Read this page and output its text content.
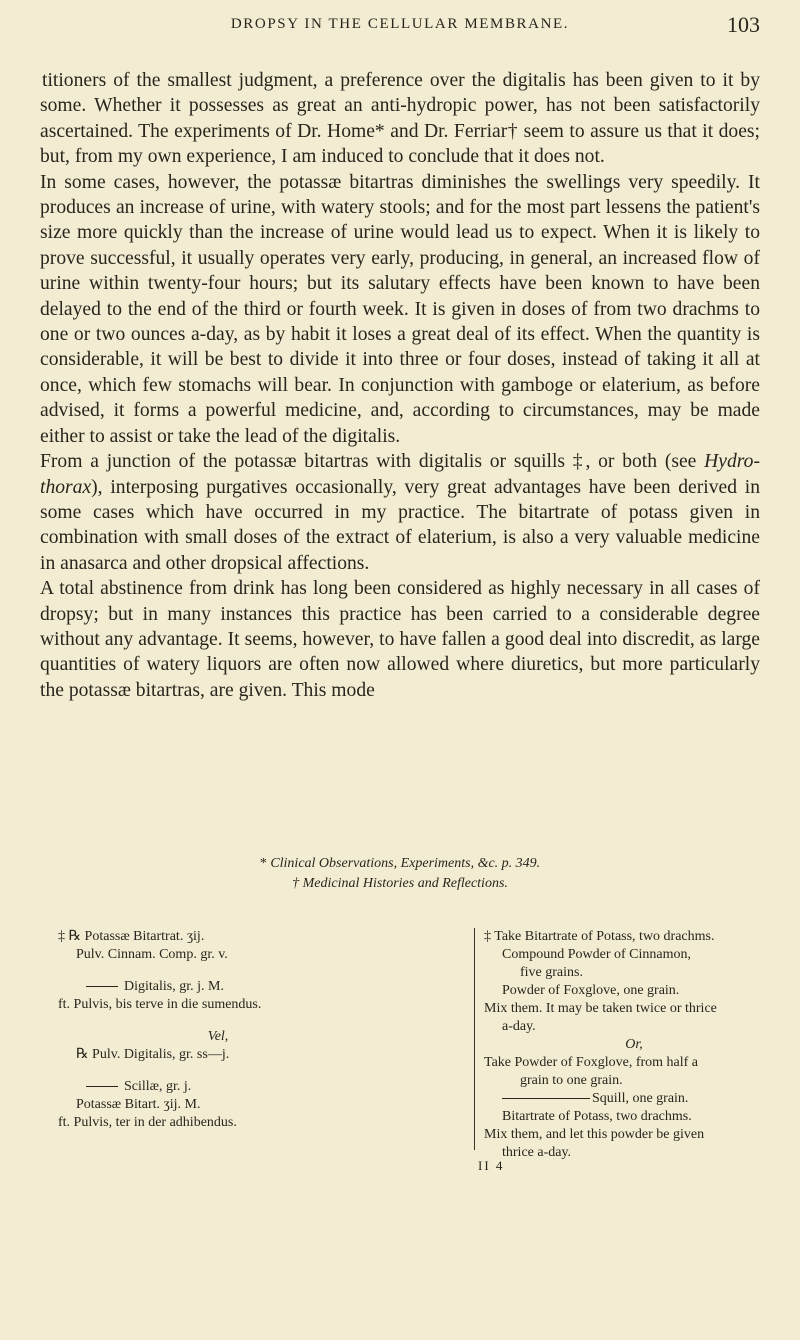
DROPSY IN THE CELLULAR MEMBRANE.	103

titioners of the smallest judgment, a preference over the digitalis has been given to it by some. Whether it possesses as great an anti-hydropic power, has not been satisfactorily ascertained. The experiments of Dr. Home* and Dr. Ferriar† seem to assure us that it does; but, from my own experience, I am induced to conclude that it does not.

In some cases, however, the potassæ bitartras diminishes the swellings very speedily. It produces an increase of urine, with watery stools; and for the most part lessens the patient's size more quickly than the increase of urine would lead us to expect. When it is likely to prove successful, it usually operates very early, producing, in general, an increased flow of urine within twenty-four hours; but its salutary effects have been known to have been delayed to the end of the third or fourth week. It is given in doses of from two drachms to one or two ounces a-day, as by habit it loses a great deal of its effect. When the quantity is considerable, it will be best to divide it into three or four doses, instead of taking it all at once, which few stomachs will bear. In conjunction with gamboge or elaterium, as before advised, it forms a powerful medicine, and, according to circumstances, may be made either to assist or take the lead of the digitalis.

From a junction of the potassæ bitartras with digitalis or squills ‡, or both (see Hydro-thorax), interposing purgatives occasionally, very great advantages have been derived in some cases which have occurred in my practice. The bitartrate of potass given in combination with small doses of the extract of elaterium, is also a very valuable medicine in anasarca and other dropsical affections.

A total abstinence from drink has long been considered as highly necessary in all cases of dropsy; but in many instances this practice has been carried to a considerable degree without any advantage. It seems, however, to have fallen a good deal into discredit, as large quantities of watery liquors are often now allowed where diuretics, but more particularly the potassæ bitartras, are given. This mode

* Clinical Observations, Experiments, &c. p. 349.
† Medicinal Histories and Reflections.
‡ ℞ Potassæ Bitartrat. ʒij.
Pulv. Cinnam. Comp. gr. v.
Digitalis, gr. j. M.
ft. Pulvis, bis terve in die sumendus.
Vel,
℞ Pulv. Digitalis, gr. ss—j.
Scillæ, gr. j.
Potassæ Bitart. ʒij. M.
ft. Pulvis, ter in der adhibendus.
‡ Take Bitartrate of Potass, two drachms.
Compound Powder of Cinnamon,
five grains.
Powder of Foxglove, one grain.
Mix them. It may be taken twice or thrice
a-day.
Or,
Take Powder of Foxglove, from half a
grain to one grain.
Squill, one grain.
Bitartrate of Potass, two drachms.
Mix them, and let this powder be given
thrice a-day.
II 4
